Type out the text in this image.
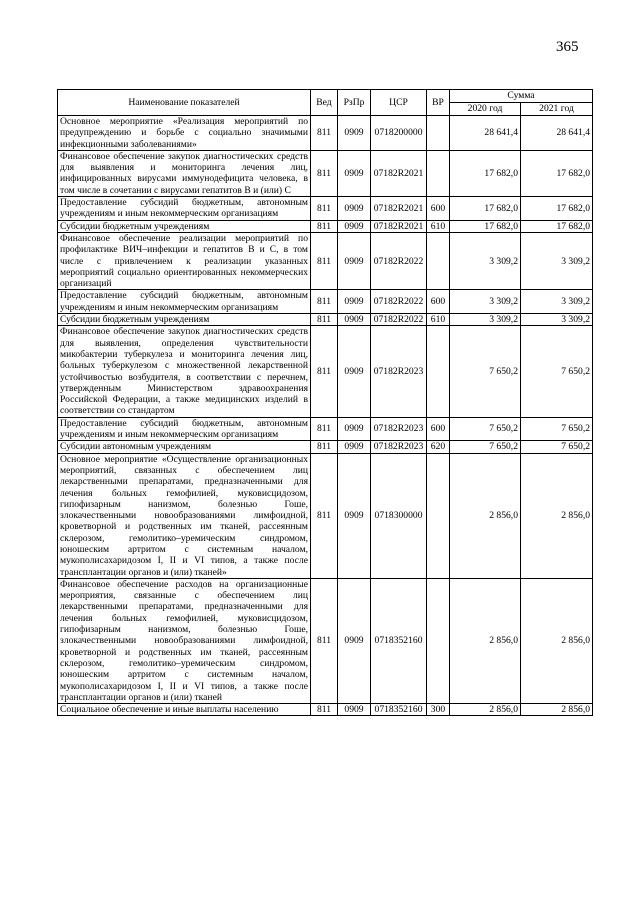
365
Наименование показателей	Вед	РзПр	ЦСР	ВР	Сумма	
					2020 год	2021 год
Основное мероприятие «Реализация мероприятий по предупреждению и борьбе с социально значимыми инфекционными заболеваниями»	811	0909	0718200000		28 641,4	28 641,4
Финансовое обеспечение закупок диагностических средств для выявления и мониторинга лечения лиц, инфицированных вирусами иммунодефицита человека, в том числе в сочетании с вирусами гепатитов В и (или) С	811	0909	07182R2021		17 682,0	17 682,0
Предоставление субсидий бюджетным, автономным учреждениям и иным некоммерческим организациям	811	0909	07182R2021	600	17 682,0	17 682,0
Субсидии бюджетным учреждениям	811	0909	07182R2021	610	17 682,0	17 682,0
Финансовое обеспечение реализации мероприятий по профилактике ВИЧ–инфекции и гепатитов В и С, в том числе с привлечением к реализации указанных мероприятий социально ориентированных некоммерческих организаций	811	0909	07182R2022		3 309,2	3 309,2
Предоставление субсидий бюджетным, автономным учреждениям и иным некоммерческим организациям	811	0909	07182R2022	600	3 309,2	3 309,2
Субсидии бюджетным учреждениям	811	0909	07182R2022	610	3 309,2	3 309,2
Финансовое обеспечение закупок диагностических средств для выявления, определения чувствительности микобактерии туберкулеза и мониторинга лечения лиц, больных туберкулезом с множественной лекарственной устойчивостью возбудителя, в соответствии с перечнем, утвержденным Министерством здравоохранения Российской Федерации, а также медицинских изделий в соответствии со стандартом	811	0909	07182R2023		7 650,2	7 650,2
Предоставление субсидий бюджетным, автономным учреждениям и иным некоммерческим организациям	811	0909	07182R2023	600	7 650,2	7 650,2
Субсидии автономным учреждениям	811	0909	07182R2023	620	7 650,2	7 650,2
Основное мероприятие «Осуществление организационных мероприятий, связанных с обеспечением лиц лекарственными препаратами, предназначенными для лечения больных гемофилией, муковисцидозом, гипофизарным нанизмом, болезнью Гоше, злокачественными новообразованиями лимфоидной, кроветворной и родственных им тканей, рассеянным склерозом, гемолитико–уремическим синдромом, юношеским артритом с системным началом, мукополисахаридозом I, II и VI типов, а также после трансплантации органов и (или) тканей»	811	0909	0718300000		2 856,0	2 856,0
Финансовое обеспечение расходов на организационные мероприятия, связанные с обеспечением лиц лекарственными препаратами, предназначенными для лечения больных гемофилией, муковисцидозом, гипофизарным нанизмом, болезнью Гоше, злокачественными новообразованиями лимфоидной, кроветворной и родственных им тканей, рассеянным склерозом, гемолитико–уремическим синдромом, юношеским артритом с системным началом, мукополисахаридозом I, II и VI типов, а также после трансплантации органов и (или) тканей	811	0909	0718352160		2 856,0	2 856,0
Социальное обеспечение и иные выплаты населению	811	0909	0718352160	300	2 856,0	2 856,0
